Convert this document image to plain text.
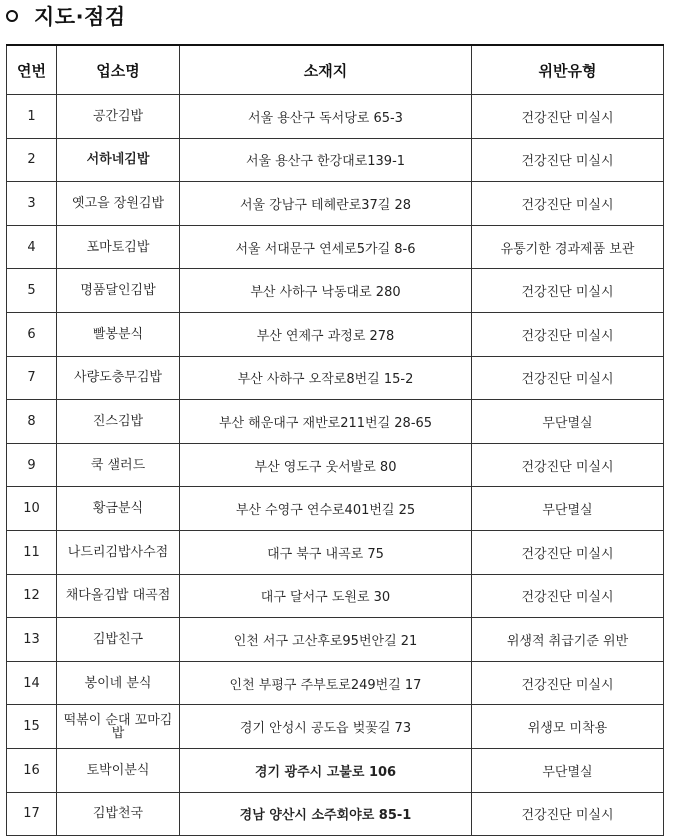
지도·점검
연번	업소명	소재지	위반유형
1	공간김밥	서울 용산구 독서당로 65-3	건강진단 미실시
2	서하네김밥	서울 용산구 한강대로139-1	건강진단 미실시
3	옛고을 장원김밥	서울 강남구 테헤란로37길 28	건강진단 미실시
4	포마토김밥	서울 서대문구 연세로5가길 8-6	유통기한 경과제품 보관
5	명품달인김밥	부산 사하구 낙동대로 280	건강진단 미실시
6	빨봉분식	부산 연제구 과정로 278	건강진단 미실시
7	사량도충무김밥	부산 사하구 오작로8번길 15-2	건강진단 미실시
8	진스김밥	부산 해운대구 재반로211번길 28-65	무단멸실
9	쿡 샐러드	부산 영도구 웃서발로 80	건강진단 미실시
10	황금분식	부산 수영구 연수로401번길 25	무단멸실
11	나드리김밥사수점	대구 북구 내곡로 75	건강진단 미실시
12	채다올김밥 대곡점	대구 달서구 도원로 30	건강진단 미실시
13	김밥친구	인천 서구 고산후로95번안길 21	위생적 취급기준 위반
14	봉이네 분식	인천 부평구 주부토로249번길 17	건강진단 미실시
15	떡볶이 순대 꼬마김밥	경기 안성시 공도읍 벚꽃길 73	위생모 미착용
16	토박이분식	경기 광주시 고불로 106	무단멸실
17	김밥천국	경남 양산시 소주회야로 85-1	건강진단 미실시
